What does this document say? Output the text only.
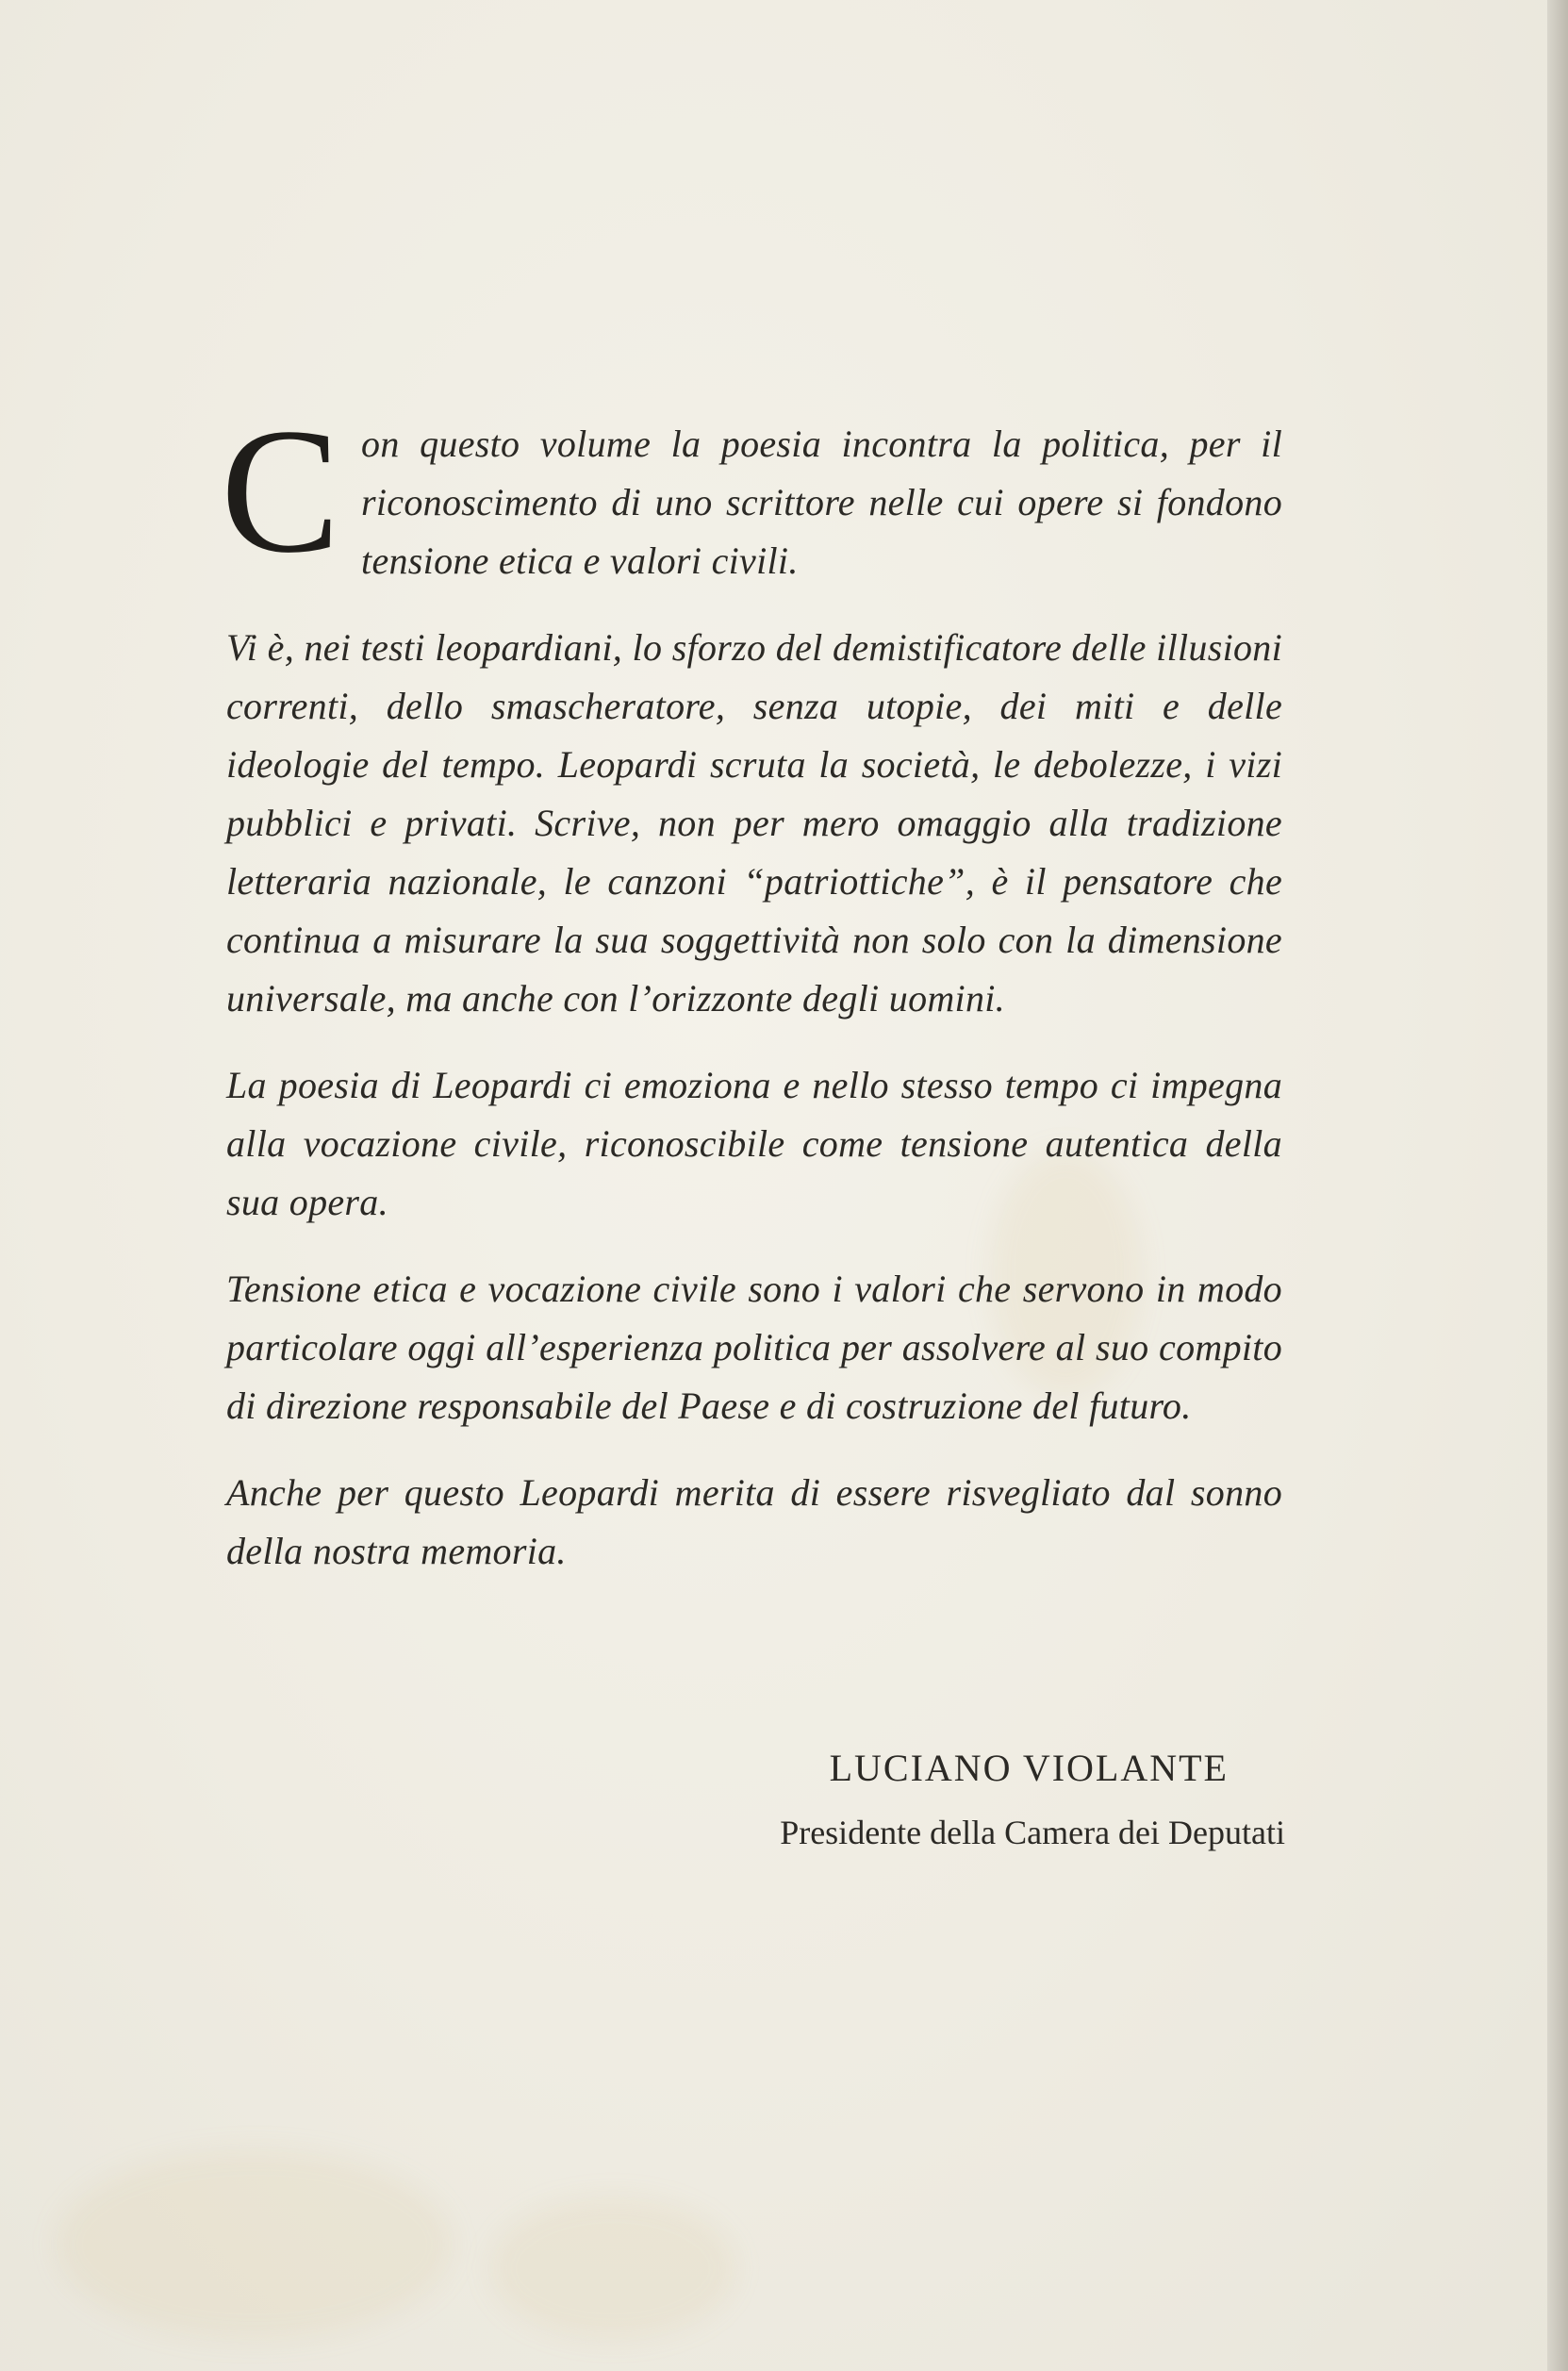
Con questo volume la poesia incontra la politica, per il riconoscimento di uno scrittore nelle cui opere si fondono tensione etica e valori civili.

Vi è, nei testi leopardiani, lo sforzo del demistificatore delle illusioni correnti, dello smascheratore, senza utopie, dei miti e delle ideologie del tempo. Leopardi scruta la società, le debolezze, i vizi pubblici e privati. Scrive, non per mero omaggio alla tradizione letteraria nazionale, le canzoni “patriottiche”, è il pensatore che continua a misurare la sua soggettività non solo con la dimensione universale, ma anche con l’orizzonte degli uomini.

La poesia di Leopardi ci emoziona e nello stesso tempo ci impegna alla vocazione civile, riconoscibile come tensione autentica della sua opera.

Tensione etica e vocazione civile sono i valori che servono in modo particolare oggi all’esperienza politica per assolvere al suo compito di direzione responsabile del Paese e di costruzione del futuro.

Anche per questo Leopardi merita di essere risvegliato dal sonno della nostra memoria.

LUCIANO VIOLANTE
Presidente della Camera dei Deputati
